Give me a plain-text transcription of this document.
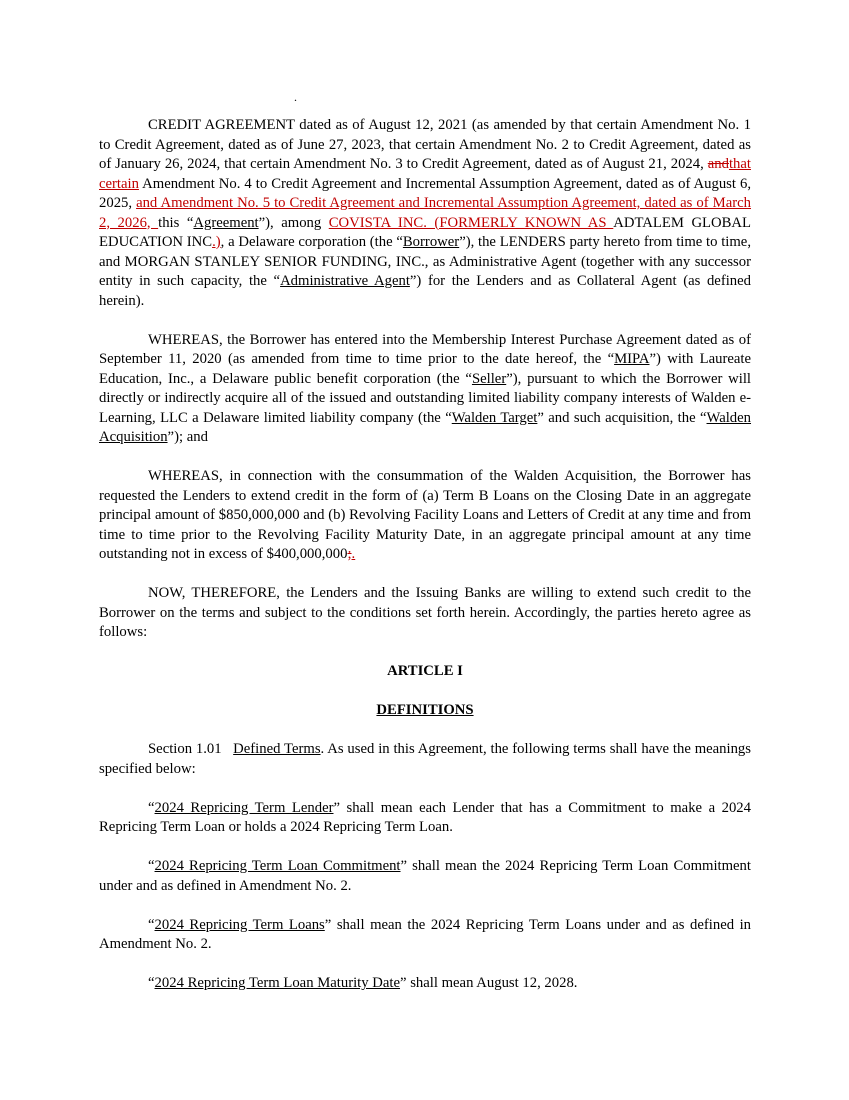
.

CREDIT AGREEMENT dated as of August 12, 2021 (as amended by that certain Amendment No. 1 to Credit Agreement, dated as of June 27, 2023, that certain Amendment No. 2 to Credit Agreement, dated as of January 26, 2024, that certain Amendment No. 3 to Credit Agreement, dated as of August 21, 2024, andthat certain Amendment No. 4 to Credit Agreement and Incremental Assumption Agreement, dated as of August 6, 2025, and Amendment No. 5 to Credit Agreement and Incremental Assumption Agreement, dated as of March 2, 2026, this “Agreement”), among COVISTA INC. (FORMERLY KNOWN AS ADTALEM GLOBAL EDUCATION INC.), a Delaware corporation (the “Borrower”), the LENDERS party hereto from time to time, and MORGAN STANLEY SENIOR FUNDING, INC., as Administrative Agent (together with any successor entity in such capacity, the “Administrative Agent”) for the Lenders and as Collateral Agent (as defined herein).

WHEREAS, the Borrower has entered into the Membership Interest Purchase Agreement dated as of September 11, 2020 (as amended from time to time prior to the date hereof, the “MIPA”) with Laureate Education, Inc., a Delaware public benefit corporation (the “Seller”), pursuant to which the Borrower will directly or indirectly acquire all of the issued and outstanding limited liability company interests of Walden e-Learning, LLC a Delaware limited liability company (the “Walden Target” and such acquisition, the “Walden Acquisition”); and

WHEREAS, in connection with the consummation of the Walden Acquisition, the Borrower has requested the Lenders to extend credit in the form of (a) Term B Loans on the Closing Date in an aggregate principal amount of $850,000,000 and (b) Revolving Facility Loans and Letters of Credit at any time and from time to time prior to the Revolving Facility Maturity Date, in an aggregate principal amount at any time outstanding not in excess of $400,000,000;.

NOW, THEREFORE, the Lenders and the Issuing Banks are willing to extend such credit to the Borrower on the terms and subject to the conditions set forth herein. Accordingly, the parties hereto agree as follows:

ARTICLE I

DEFINITIONS

Section 1.01   Defined Terms. As used in this Agreement, the following terms shall have the meanings specified below:

“2024 Repricing Term Lender” shall mean each Lender that has a Commitment to make a 2024 Repricing Term Loan or holds a 2024 Repricing Term Loan.

“2024 Repricing Term Loan Commitment” shall mean the 2024 Repricing Term Loan Commitment under and as defined in Amendment No. 2.

“2024 Repricing Term Loans” shall mean the 2024 Repricing Term Loans under and as defined in Amendment No. 2.

“2024 Repricing Term Loan Maturity Date” shall mean August 12, 2028.
